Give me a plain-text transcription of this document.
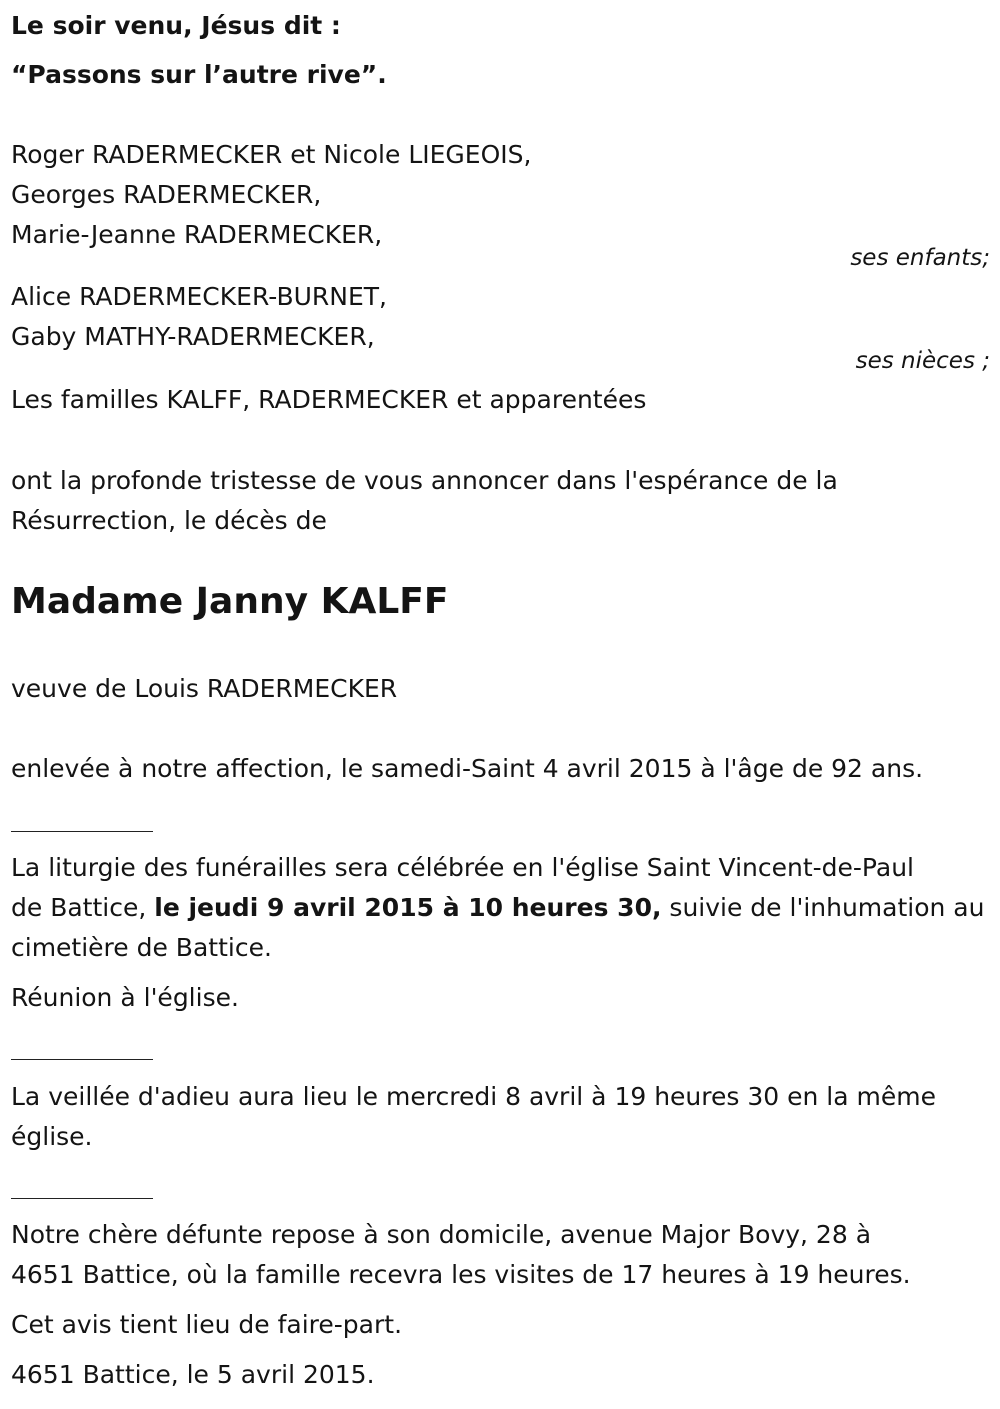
Le soir venu, Jésus dit :
“Passons sur l’autre rive”.
Roger RADERMECKER et Nicole LIEGEOIS,
Georges RADERMECKER,
Marie-Jeanne RADERMECKER,
ses enfants;
Alice RADERMECKER-BURNET,
Gaby MATHY-RADERMECKER,
ses nièces ;
Les familles KALFF, RADERMECKER et apparentées
ont la profonde tristesse de vous annoncer dans l'espérance de la
Résurrection, le décès de
Madame Janny KALFF
veuve de Louis RADERMECKER
enlevée à notre affection, le samedi-Saint 4 avril 2015 à l'âge de 92 ans.
La liturgie des funérailles sera célébrée en l'église Saint Vincent-de-Paul
de Battice, le jeudi 9 avril 2015 à 10 heures 30, suivie de l'inhumation au
cimetière de Battice.
Réunion à l'église.
La veillée d'adieu aura lieu le mercredi 8 avril à 19 heures 30 en la même
église.
Notre chère défunte repose à son domicile, avenue Major Bovy, 28 à
4651 Battice, où la famille recevra les visites de 17 heures à 19 heures.
Cet avis tient lieu de faire-part.
4651 Battice, le 5 avril 2015.
